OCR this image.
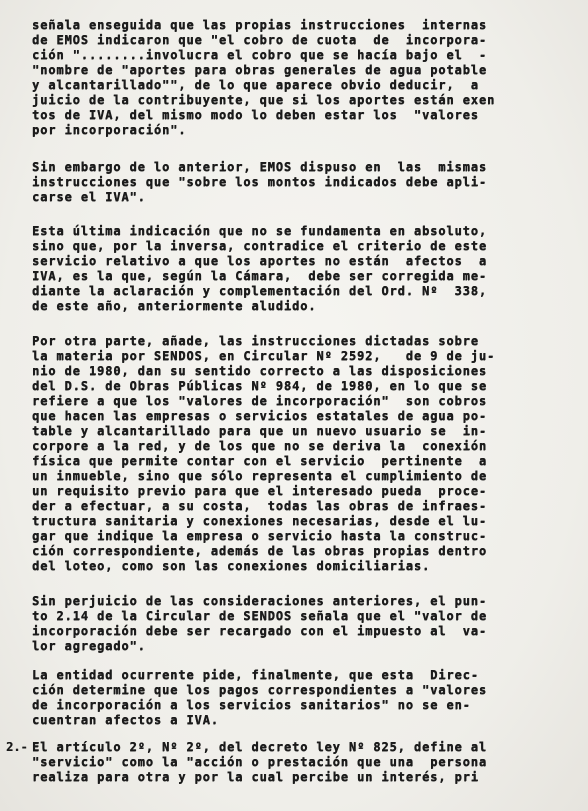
señala enseguida que las propias instrucciones  internas
de EMOS indicaron que "el cobro de cuota  de  incorpora-
ción "........involucra el cobro que se hacía bajo el  -
"nombre de "aportes para obras generales de agua potable
y alcantarillado"", de lo que aparece obvio deducir,  a
juicio de la contribuyente, que si los aportes están exen
tos de IVA, del mismo modo lo deben estar los  "valores
por incorporación".
Sin embargo de lo anterior, EMOS dispuso en  las  mismas
instrucciones que "sobre los montos indicados debe apli-
carse el IVA".
Esta última indicación que no se fundamenta en absoluto,
sino que, por la inversa, contradice el criterio de este
servicio relativo a que los aportes no están  afectos  a
IVA, es la que, según la Cámara,  debe ser corregida me-
diante la aclaración y complementación del Ord. Nº  338,
de este año, anteriormente aludido.
Por otra parte, añade, las instrucciones dictadas sobre
la materia por SENDOS, en Circular Nº 2592,   de 9 de ju-
nio de 1980, dan su sentido correcto a las disposiciones
del D.S. de Obras Públicas Nº 984, de 1980, en lo que se
refiere a que los "valores de incorporación"  son cobros
que hacen las empresas o servicios estatales de agua po-
table y alcantarillado para que un nuevo usuario se  in-
corpore a la red, y de los que no se deriva la  conexión
física que permite contar con el servicio  pertinente  a
un inmueble, sino que sólo representa el cumplimiento de
un requisito previo para que el interesado pueda  proce-
der a efectuar, a su costa,  todas las obras de infraes-
tructura sanitaria y conexiones necesarias, desde el lu-
gar que indique la empresa o servicio hasta la construc-
ción correspondiente, además de las obras propias dentro
del loteo, como son las conexiones domiciliarias.
Sin perjuicio de las consideraciones anteriores, el pun-
to 2.14 de la Circular de SENDOS señala que el "valor de
incorporación debe ser recargado con el impuesto al  va-
lor agregado".
La entidad ocurrente pide, finalmente, que esta  Direc-
ción determine que los pagos correspondientes a "valores
de incorporación a los servicios sanitarios" no se en-
cuentran afectos a IVA.
2.- El artículo 2º, Nº 2º, del decreto ley Nº 825, define al
"servicio" como la "acción o prestación que una  persona
realiza para otra y por la cual percibe un interés, pri
